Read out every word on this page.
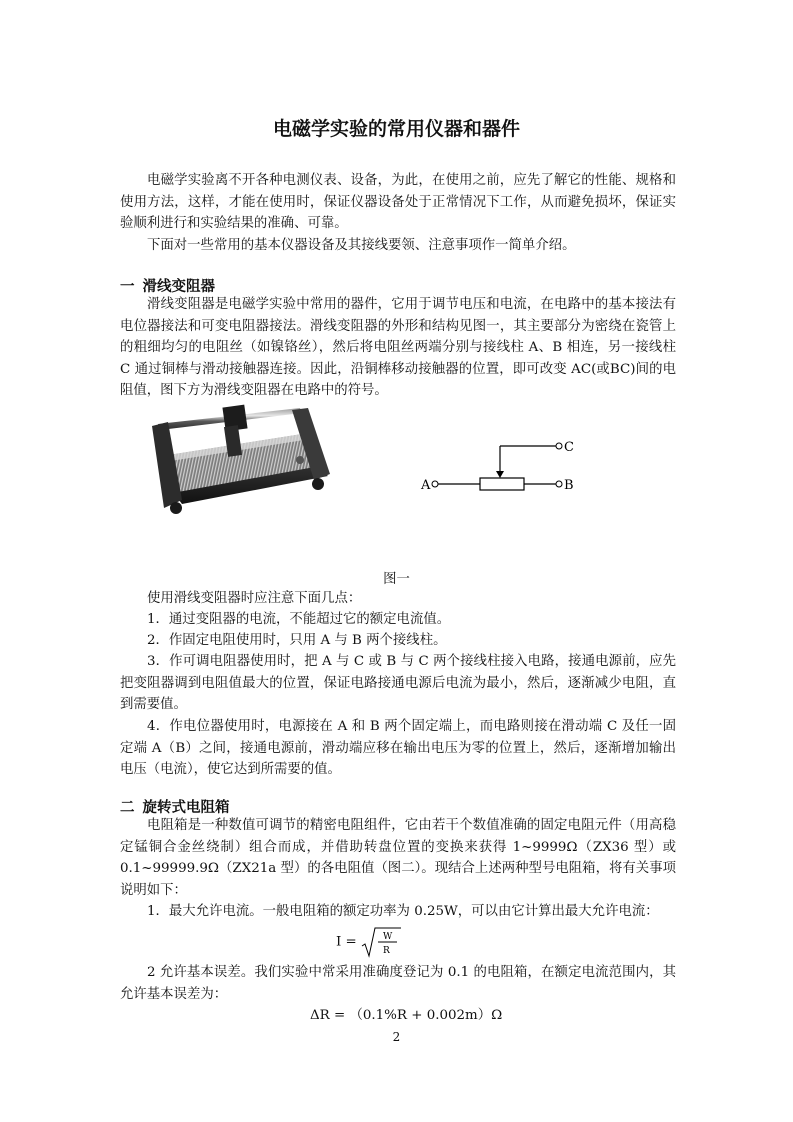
电磁学实验的常用仪器和器件

电磁学实验离不开各种电测仪表、设备，为此，在使用之前，应先了解它的性能、规格和使用方法，这样，才能在使用时，保证仪器设备处于正常情况下工作，从而避免损坏，保证实验顺利进行和实验结果的准确、可靠。

下面对一些常用的基本仪器设备及其接线要领、注意事项作一简单介绍。

一 滑线变阻器

滑线变阻器是电磁学实验中常用的器件，它用于调节电压和电流，在电路中的基本接法有电位器接法和可变电阻器接法。滑线变阻器的外形和结构见图一，其主要部分为密绕在瓷管上的粗细均匀的电阻丝（如镍铬丝），然后将电阻丝两端分别与接线柱 A、B 相连，另一接线柱 C 通过铜棒与滑动接触器连接。因此，沿铜棒移动接触器的位置，即可改变 AC(或BC)间的电阻值，图下方为滑线变阻器在电路中的符号。

A	B
C
图一

使用滑线变阻器时应注意下面几点：

1．通过变阻器的电流，不能超过它的额定电流值。

2．作固定电阻使用时，只用 A 与 B 两个接线柱。

3．作可调电阻器使用时，把 A 与 C 或 B 与 C 两个接线柱接入电路，接通电源前，应先把变阻器调到电阻值最大的位置，保证电路接通电源后电流为最小，然后，逐渐减少电阻，直到需要值。

4．作电位器使用时，电源接在 A 和 B 两个固定端上，而电路则接在滑动端 C 及任一固定端 A（B）之间，接通电源前，滑动端应移在输出电压为零的位置上，然后，逐渐增加输出电压（电流），使它达到所需要的值。

二 旋转式电阻箱

电阻箱是一种数值可调节的精密电阻组件，它由若干个数值准确的固定电阻元件（用高稳定锰铜合金丝绕制）组合而成，并借助转盘位置的变换来获得 1~9999Ω（ZX36 型）或0.1~99999.9Ω（ZX21a 型）的各电阻值（图二）。现结合上述两种型号电阻箱，将有关事项说明如下：

1．最大允许电流。一般电阻箱的额定功率为 0.25W，可以由它计算出最大允许电流：

I =	W
R

2 允许基本误差。我们实验中常采用准确度登记为 0.1 的电阻箱，在额定电流范围内，其允许基本误差为：

ΔR = （0.1%R + 0.002m）Ω
2
